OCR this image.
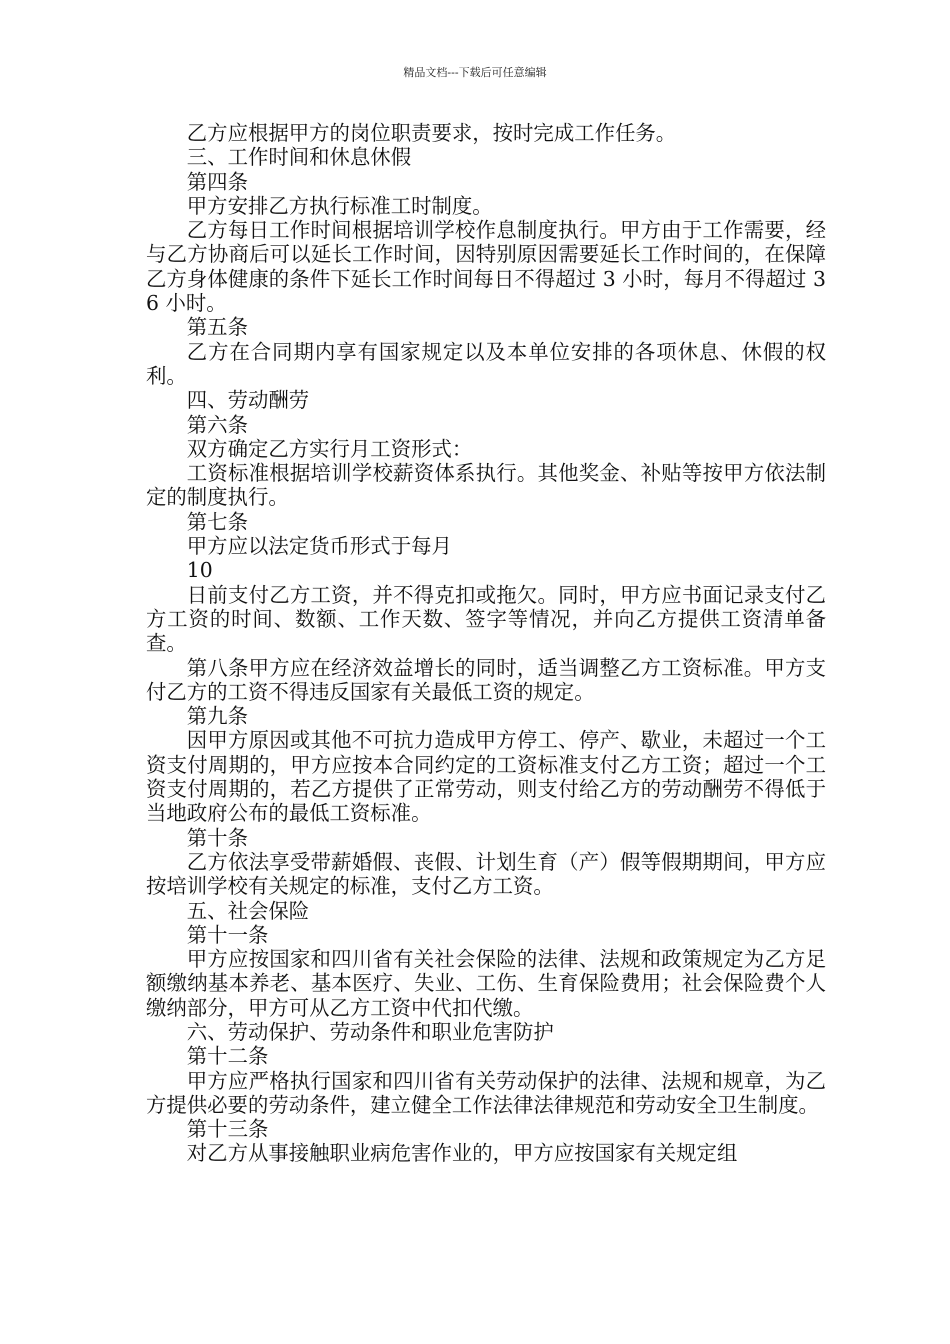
精品文档---下载后可任意编辑

乙方应根据甲方的岗位职责要求，按时完成工作任务。

三、工作时间和休息休假

第四条

甲方安排乙方执行标准工时制度。

乙方每日工作时间根据培训学校作息制度执行。甲方由于工作需要，经与乙方协商后可以延长工作时间，因特别原因需要延长工作时间的，在保障乙方身体健康的条件下延长工作时间每日不得超过 3 小时，每月不得超过 36 小时。

第五条

乙方在合同期内享有国家规定以及本单位安排的各项休息、休假的权利。

四、劳动酬劳

第六条

双方确定乙方实行月工资形式：

工资标准根据培训学校薪资体系执行。其他奖金、补贴等按甲方依法制定的制度执行。

第七条

甲方应以法定货币形式于每月

10

日前支付乙方工资，并不得克扣或拖欠。同时，甲方应书面记录支付乙方工资的时间、数额、工作天数、签字等情况，并向乙方提供工资清单备查。

第八条甲方应在经济效益增长的同时，适当调整乙方工资标准。甲方支付乙方的工资不得违反国家有关最低工资的规定。

第九条

因甲方原因或其他不可抗力造成甲方停工、停产、歇业，未超过一个工资支付周期的，甲方应按本合同约定的工资标准支付乙方工资；超过一个工资支付周期的，若乙方提供了正常劳动，则支付给乙方的劳动酬劳不得低于当地政府公布的最低工资标准。

第十条

乙方依法享受带薪婚假、丧假、计划生育（产）假等假期期间，甲方应按培训学校有关规定的标准，支付乙方工资。

五、社会保险

第十一条

甲方应按国家和四川省有关社会保险的法律、法规和政策规定为乙方足额缴纳基本养老、基本医疗、失业、工伤、生育保险费用；社会保险费个人缴纳部分，甲方可从乙方工资中代扣代缴。

六、劳动保护、劳动条件和职业危害防护

第十二条

甲方应严格执行国家和四川省有关劳动保护的法律、法规和规章，为乙方提供必要的劳动条件，建立健全工作法律法律规范和劳动安全卫生制度。

第十三条

对乙方从事接触职业病危害作业的，甲方应按国家有关规定组
